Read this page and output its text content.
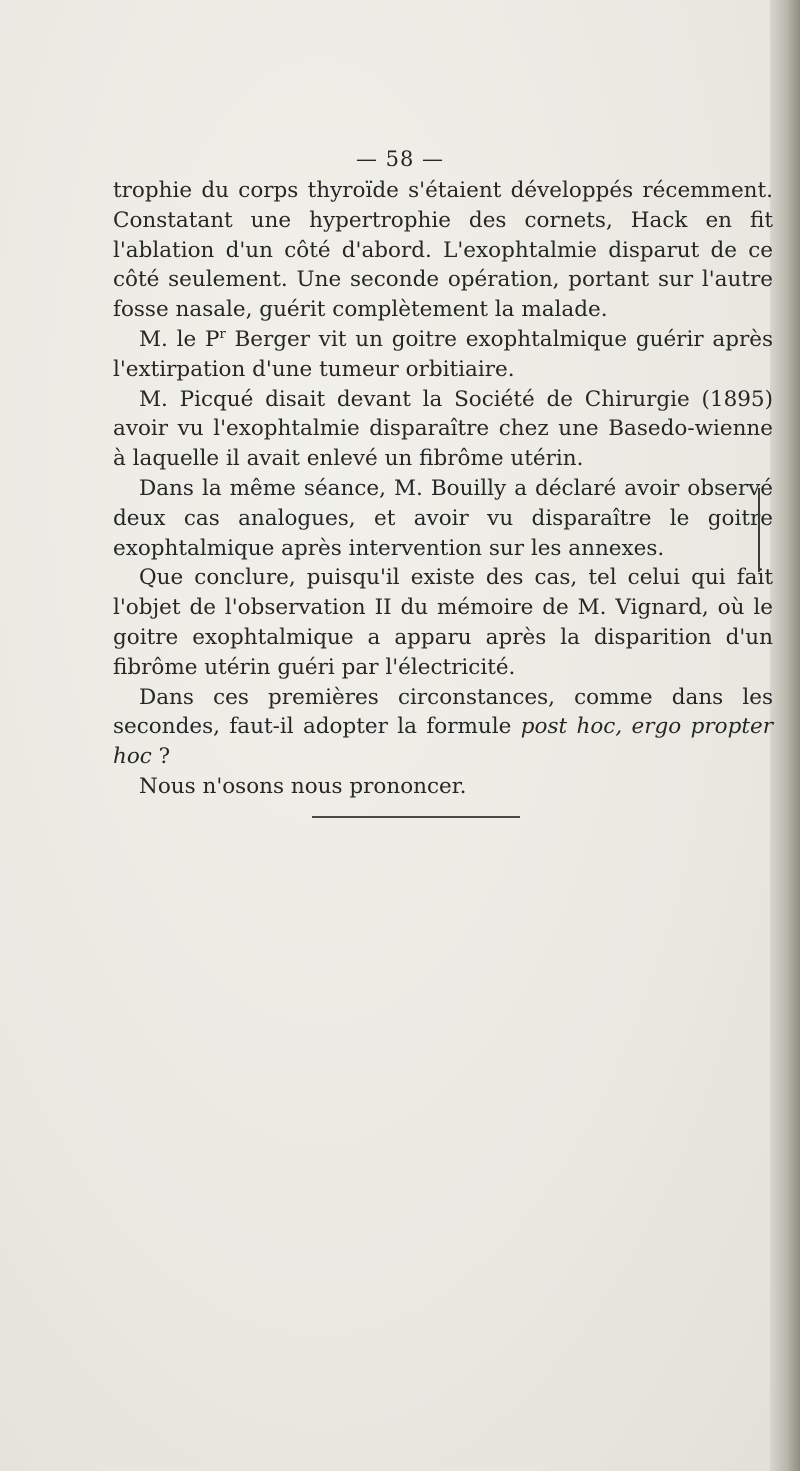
— 58 —

trophie du corps thyroïde s'étaient développés récemment. Constatant une hypertrophie des cornets, Hack en fit l'ablation d'un côté d'abord. L'exophtalmie disparut de ce côté seulement. Une seconde opération, portant sur l'autre fosse nasale, guérit complètement la malade.

M. le $P^r$ Berger vit un goitre exophtalmique guérir après l'extirpation d'une tumeur orbitiaire.

M. Picqué disait devant la Société de Chirurgie (1895) avoir vu l'exophtalmie disparaître chez une Basedo-wienne à laquelle il avait enlevé un fibrôme utérin.

Dans la même séance, M. Bouilly a déclaré avoir observé deux cas analogues, et avoir vu disparaître le goitre exophtalmique après intervention sur les annexes.

Que conclure, puisqu'il existe des cas, tel celui qui fait l'objet de l'observation II du mémoire de M. Vignard, où le goitre exophtalmique a apparu après la disparition d'un fibrôme utérin guéri par l'électricité.

Dans ces premières circonstances, comme dans les secondes, faut-il adopter la formule post hoc, ergo propter hoc ?

Nous n'osons nous prononcer.
